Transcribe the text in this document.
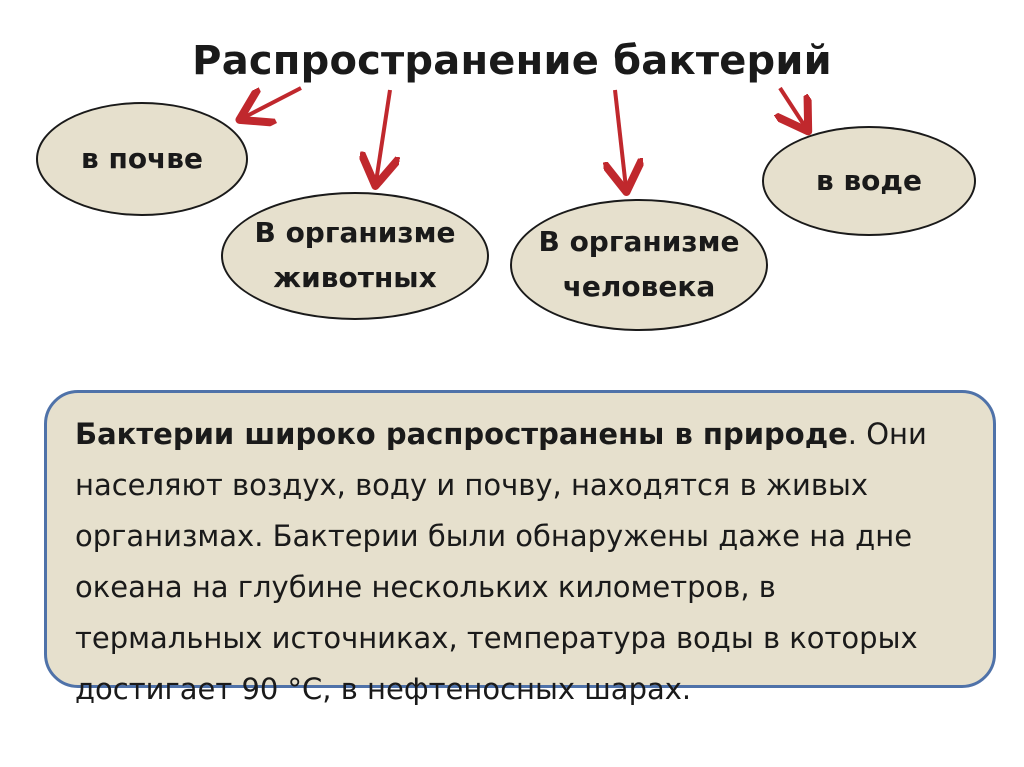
Распространение бактерий
в почве
В организме
животных
В организме
человека
в воде
Бактерии широко распространены в природе. Они населяют воздух, воду и почву, находятся в живых организмах. Бактерии были обнаружены даже на дне океана на глубине нескольких километров, в термальных источниках, температура воды в которых достигает 90 °С, в нефтеносных шарах.
